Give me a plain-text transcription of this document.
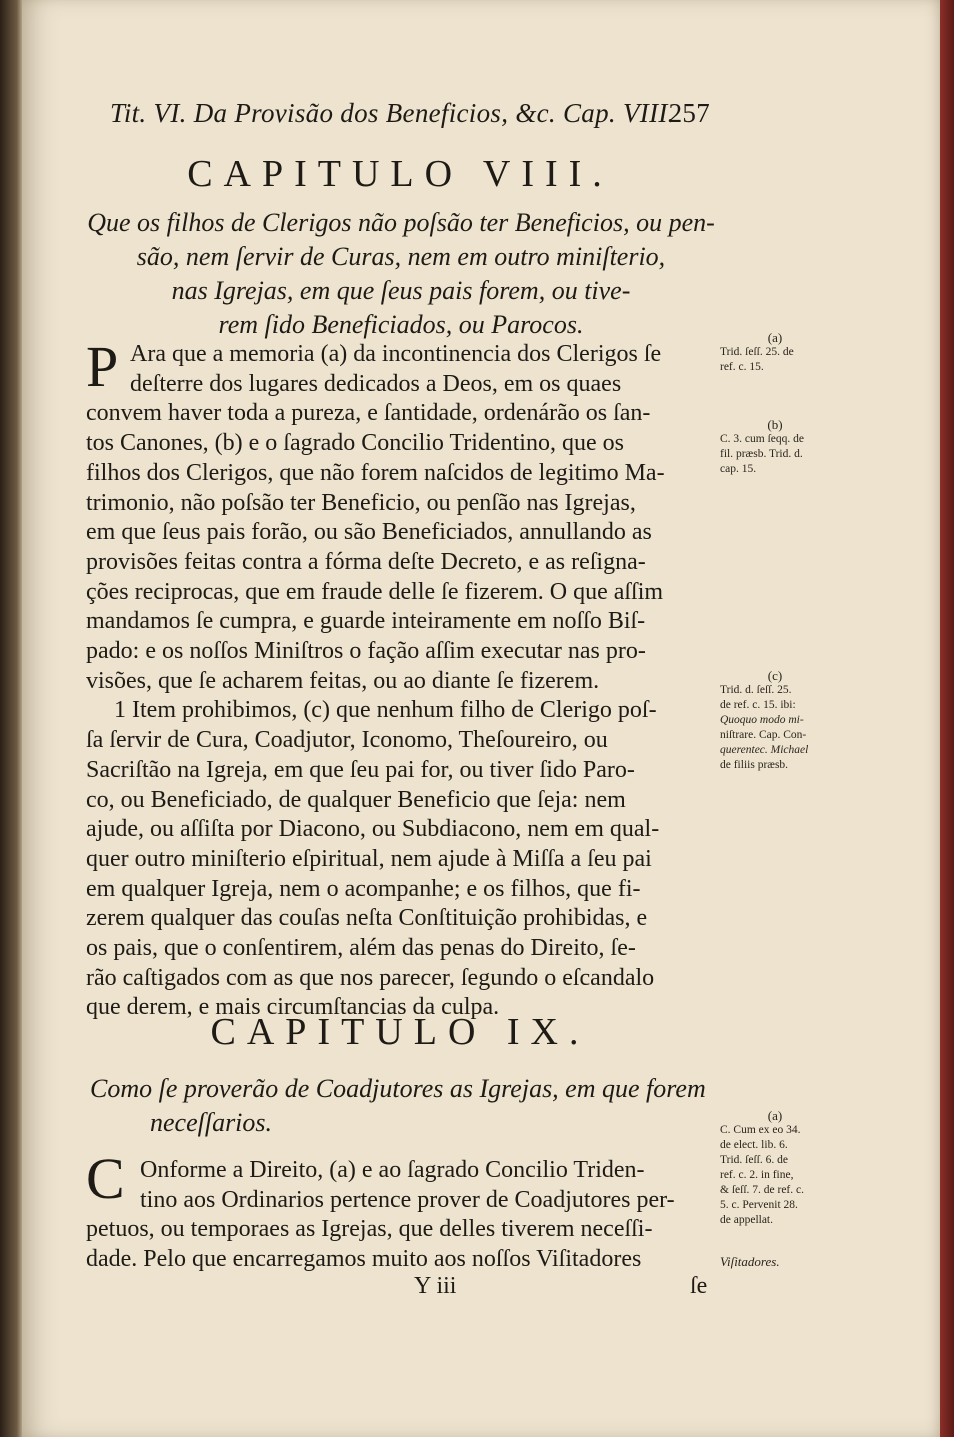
Tit. VI. Da Provisão dos Beneficios, &c. Cap. VIII.
257
CAPITULO VIII.
Que os filhos de Clerigos não poſsão ter Beneficios, ou pen-
são, nem ſervir de Curas, nem em outro miniſterio,
nas Igrejas, em que ſeus pais forem, ou tive-
rem ſido Beneficiados, ou Parocos.
P Ara que a memoria (a) da incontinencia dos Clerigos ſe
deſterre dos lugares dedicados a Deos, em os quaes
convem haver toda a pureza, e ſantidade, ordenárão os ſan-
tos Canones, (b) e o ſagrado Concilio Tridentino, que os
filhos dos Clerigos, que não forem naſcidos de legitimo Ma-
trimonio, não poſsão ter Beneficio, ou penſão nas Igrejas,
em que ſeus pais forão, ou são Beneficiados, annullando as
provisões feitas contra a fórma deſte Decreto, e as reſigna-
ções reciprocas, que em fraude delle ſe fizerem. O que aſſim
mandamos ſe cumpra, e guarde inteiramente em noſſo Biſ-
pado: e os noſſos Miniſtros o fação aſſim executar nas pro-
visões, que ſe acharem feitas, ou ao diante ſe fizerem.
1 Item prohibimos, (c) que nenhum filho de Clerigo poſ-
ſa ſervir de Cura, Coadjutor, Iconomo, Theſoureiro, ou
Sacriſtão na Igreja, em que ſeu pai for, ou tiver ſido Paro-
co, ou Beneficiado, de qualquer Beneficio que ſeja: nem
ajude, ou aſſiſta por Diacono, ou Subdiacono, nem em qual-
quer outro miniſterio eſpiritual, nem ajude à Miſſa a ſeu pai
em qualquer Igreja, nem o acompanhe; e os filhos, que fi-
zerem qualquer das couſas neſta Conſtituição prohibidas, e
os pais, que o conſentirem, além das penas do Direito, ſe-
rão caſtigados com as que nos parecer, ſegundo o eſcandalo
que derem, e mais circumſtancias da culpa.
CAPITULO IX.
Como ſe proverão de Coadjutores as Igrejas, em que forem
neceſſarios.
C Onforme a Direito, (a) e ao ſagrado Concilio Triden-
tino aos Ordinarios pertence prover de Coadjutores per-
petuos, ou temporaes as Igrejas, que delles tiverem neceſſi-
dade. Pelo que encarregamos muito aos noſſos Viſitadores
(a)
Trid. ſeſſ. 25. de
ref. c. 15.
(b)
C. 3. cum ſeqq. de
fil. præsb. Trid. d.
cap. 15.
(c)
Trid. d. ſeſſ. 25.
de ref. c. 15. ibi:
Quoquo modo mi-
niſtrare. Cap. Con-
querentec. Michael
de filiis præsb.
(a)
C. Cum ex eo 34.
de elect. lib. 6.
Trid. ſeſſ. 6. de
ref. c. 2. in fine,
& ſeſſ. 7. de ref. c.
5. c. Pervenit 28.
de appellat.
Viſitadores.
Y iii	ſe
